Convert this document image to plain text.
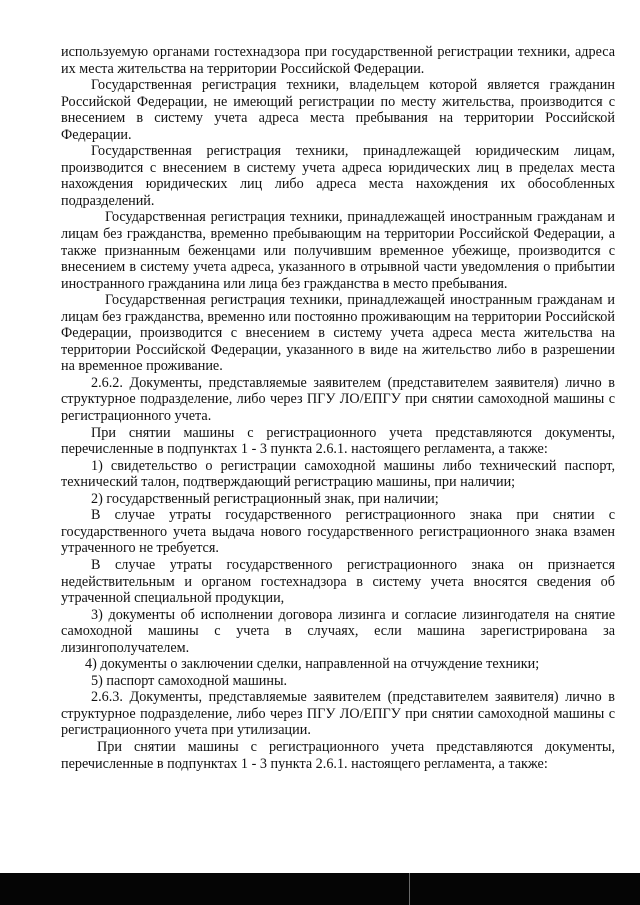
используемую органами гостехнадзора при государственной регистрации техники, адреса их места жительства на территории Российской Федерации.

Государственная регистрация техники, владельцем которой является гражданин Российской Федерации, не имеющий регистрации по месту жительства, производится с внесением в систему учета адреса места пребывания на территории Российской Федерации.

Государственная регистрация техники, принадлежащей юридическим лицам, производится с внесением в систему учета адреса юридических лиц в пределах места нахождения юридических лиц либо адреса места нахождения их обособленных подразделений.

Государственная регистрация техники, принадлежащей иностранным гражданам и лицам без гражданства, временно пребывающим на территории Российской Федерации, а также признанным беженцами или получившим временное убежище, производится с внесением в систему учета адреса, указанного в отрывной части уведомления о прибытии иностранного гражданина или лица без гражданства в место пребывания.

Государственная регистрация техники, принадлежащей иностранным гражданам и лицам без гражданства, временно или постоянно проживающим на территории Российской Федерации, производится с внесением в систему учета адреса места жительства на территории Российской Федерации, указанного в виде на жительство либо в разрешении на временное проживание.

2.6.2. Документы, представляемые заявителем (представителем заявителя) лично в структурное подразделение, либо через ПГУ ЛО/ЕПГУ при снятии самоходной машины с регистрационного учета.

При снятии машины с регистрационного учета представляются документы, перечисленные в подпунктах 1 - 3 пункта 2.6.1. настоящего регламента, а также:

1) свидетельство о регистрации самоходной машины либо технический паспорт, технический талон, подтверждающий регистрацию машины, при наличии;

2) государственный регистрационный знак, при наличии;

В случае утраты государственного регистрационного знака при снятии с государственного учета выдача нового государственного регистрационного знака взамен утраченного не требуется.

В случае утраты государственного регистрационного знака он признается недействительным и органом гостехнадзора в систему учета вносятся сведения об утраченной специальной продукции,

3) документы об исполнении договора лизинга и согласие лизингодателя на снятие самоходной машины с учета в случаях, если машина зарегистрирована за лизингополучателем.

4) документы о заключении сделки, направленной на отчуждение техники;

5) паспорт самоходной машины.

2.6.3. Документы, представляемые заявителем (представителем заявителя) лично в структурное подразделение, либо через ПГУ ЛО/ЕПГУ при снятии самоходной машины с регистрационного учета при утилизации.

При снятии машины с регистрационного учета представляются документы, перечисленные в подпунктах 1 - 3 пункта 2.6.1. настоящего регламента, а также:
